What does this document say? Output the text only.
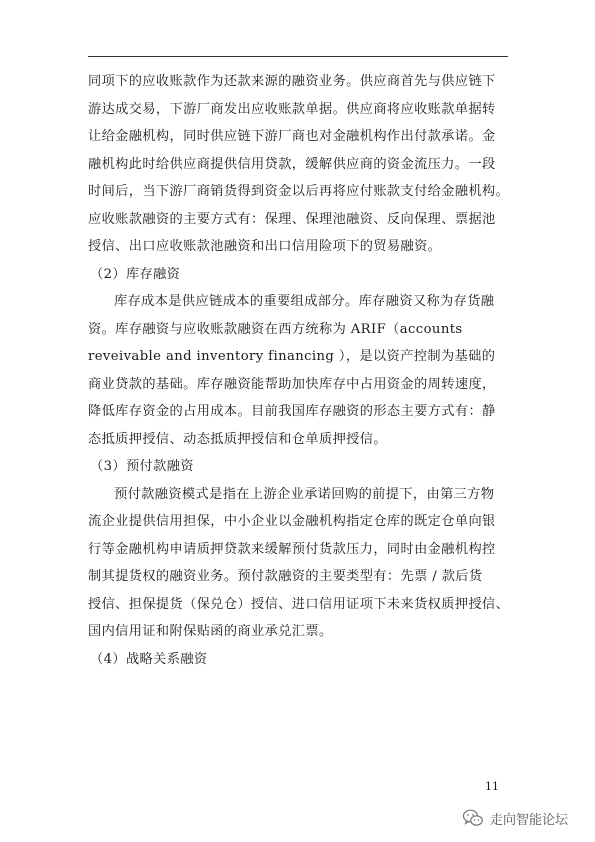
同项下的应收账款作为还款来源的融资业务。供应商首先与供应链下

游达成交易，下游厂商发出应收账款单据。供应商将应收账款单据转

让给金融机构，同时供应链下游厂商也对金融机构作出付款承诺。金

融机构此时给供应商提供信用贷款，缓解供应商的资金流压力。一段

时间后，当下游厂商销货得到资金以后再将应付账款支付给金融机构。

应收账款融资的主要方式有：保理、保理池融资、反向保理、票据池

授信、出口应收账款池融资和出口信用险项下的贸易融资。

（2）库存融资

库存成本是供应链成本的重要组成部分。库存融资又称为存货融

资。库存融资与应收账款融资在西方统称为 ARIF（accounts

reveivable and inventory financing ），是以资产控制为基础的

商业贷款的基础。库存融资能帮助加快库存中占用资金的周转速度，

降低库存资金的占用成本。目前我国库存融资的形态主要方式有：静

态抵质押授信、动态抵质押授信和仓单质押授信。

（3）预付款融资

预付款融资模式是指在上游企业承诺回购的前提下，由第三方物

流企业提供信用担保，中小企业以金融机构指定仓库的既定仓单向银

行等金融机构申请质押贷款来缓解预付货款压力，同时由金融机构控

制其提货权的融资业务。预付款融资的主要类型有：先票 / 款后货

授信、担保提货（保兑仓）授信、进口信用证项下未来货权质押授信、

国内信用证和附保贴函的商业承兑汇票。

（4）战略关系融资

11
走向智能论坛
